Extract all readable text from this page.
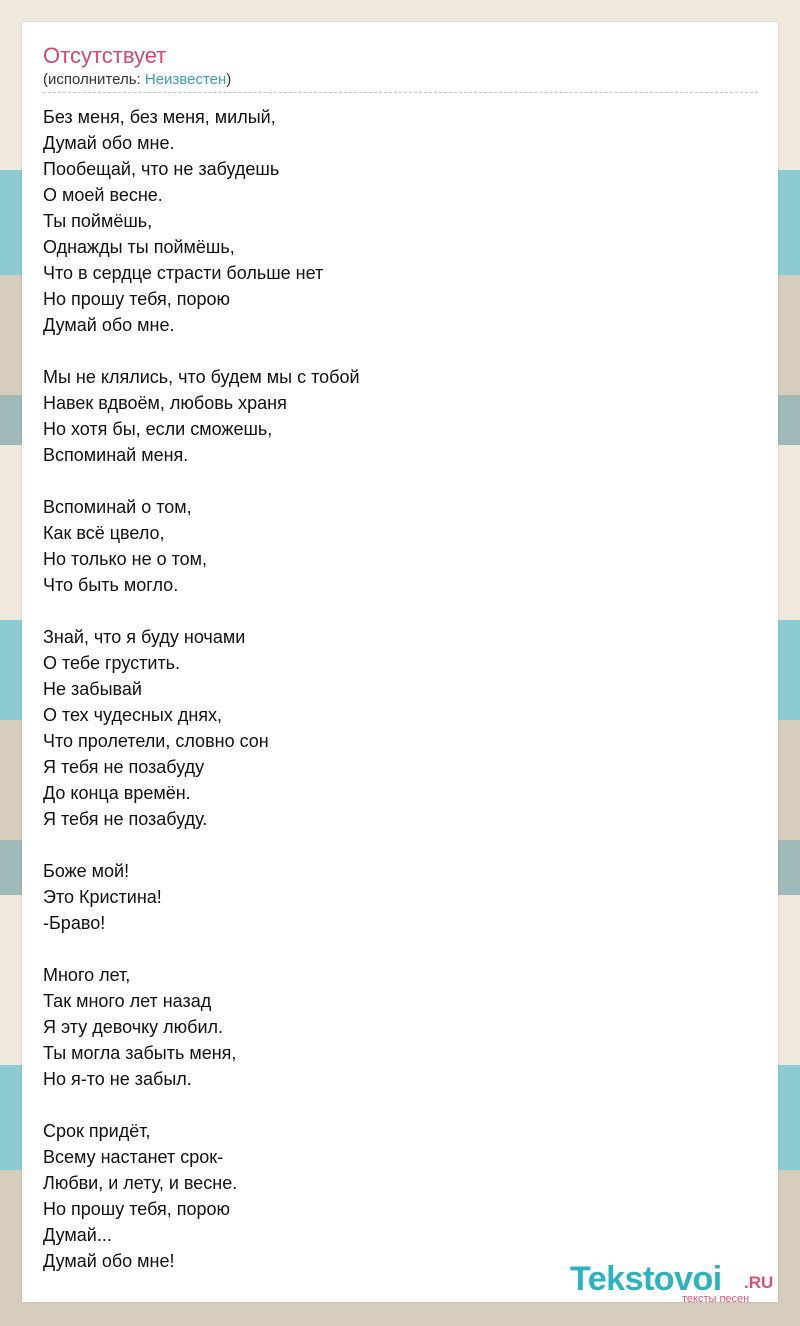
Отсутствует
(исполнитель: Неизвестен)
Без меня, без меня, милый,
Думай обо мне.
Пообещай, что не забудешь
О моей весне.
Ты поймёшь,
Однажды ты поймёшь,
Что в сердце страсти больше нет
Но прошу тебя, порою
Думай обо мне.
Мы не клялись, что будем мы с тобой
Навек вдвоём, любовь храня
Но хотя бы, если сможешь,
Вспоминай меня.
Вспоминай о том,
Как всё цвело,
Но только не о том,
Что быть могло.
Знай, что я буду ночами
О тебе грустить.
Не забывай
О тех чудесных днях,
Что пролетели, словно сон
Я тебя не позабуду
До конца времён.
Я тебя не позабуду.
Боже мой!
Это Кристина!
-Браво!
Много лет,
Так много лет назад
Я эту девочку любил.
Ты могла забыть меня,
Но я-то не забыл.
Срок придёт,
Всему настанет срок-
Любви, и лету, и весне.
Но прошу тебя, порою
Думай...
Думай обо мне!	Tekstovoi .RU
тексты песен
